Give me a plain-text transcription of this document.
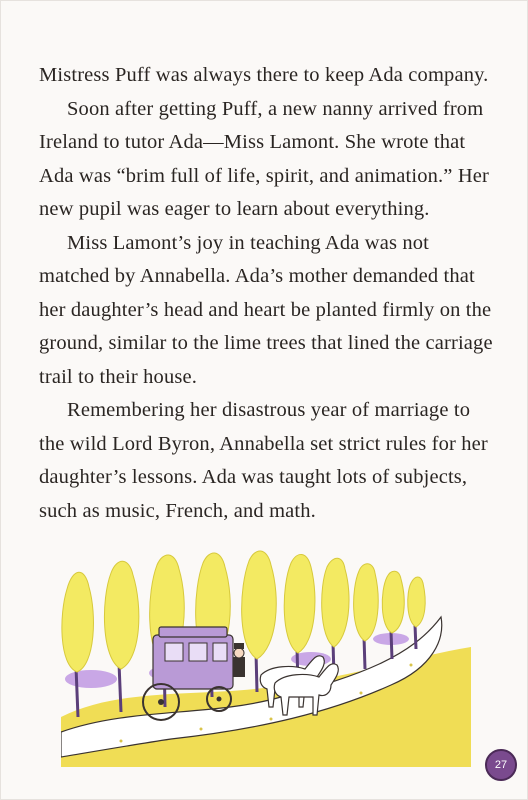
Mistress Puff was always there to keep Ada company.

Soon after getting Puff, a new nanny arrived from Ireland to tutor Ada—Miss Lamont. She wrote that Ada was “brim full of life, spirit, and animation.” Her new pupil was eager to learn about everything.

Miss Lamont’s joy in teaching Ada was not matched by Annabella. Ada’s mother demanded that her daughter’s head and heart be planted firmly on the ground, similar to the lime trees that lined the carriage trail to their house.

Remembering her disastrous year of marriage to the wild Lord Byron, Annabella set strict rules for her daughter’s lessons. Ada was taught lots of subjects, such as music, French, and math.

27
